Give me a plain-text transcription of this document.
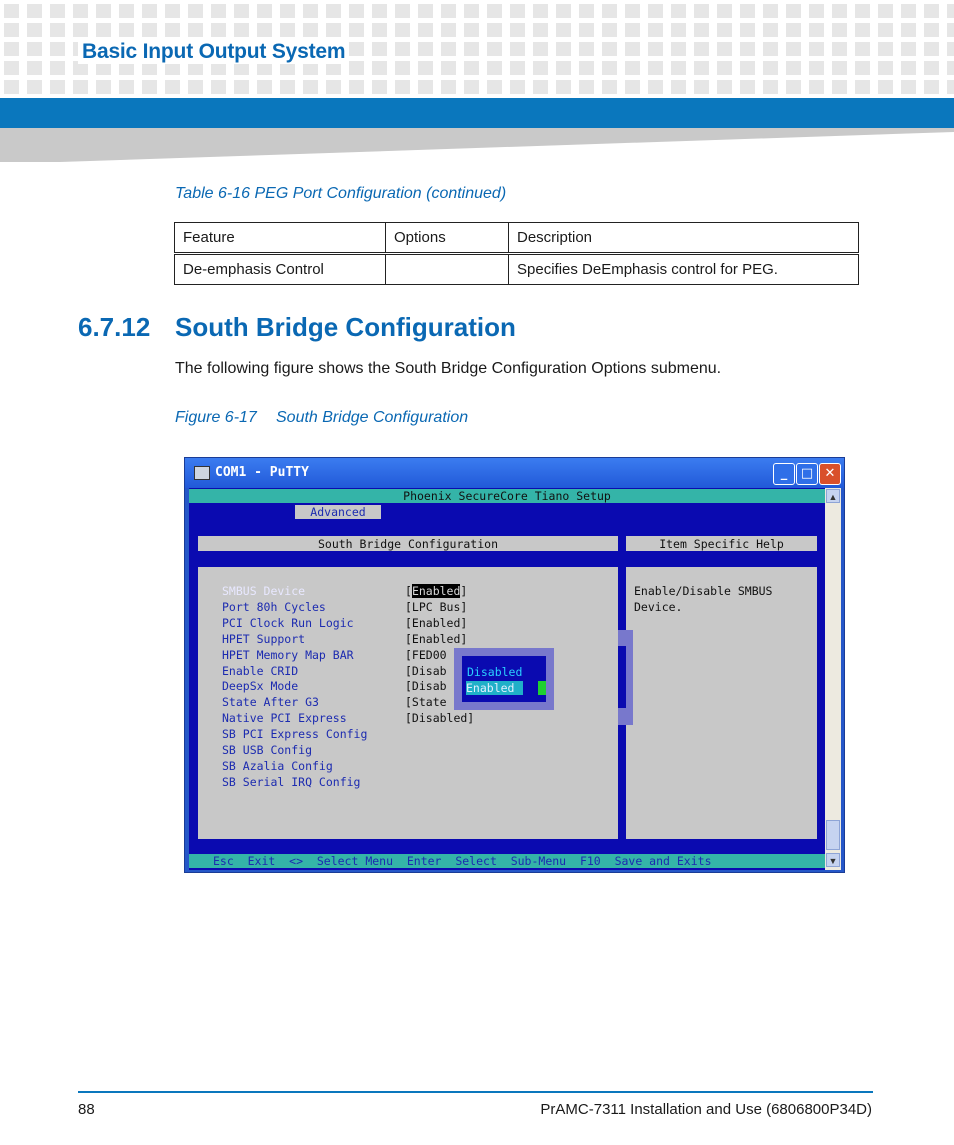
Basic Input Output System
Table 6-16 PEG Port Configuration (continued)
Feature	Options	Description
De-emphasis Control		Specifies DeEmphasis control for PEG.
6.7.12 South Bridge Configuration
The following figure shows the South Bridge Configuration Options submenu.
Figure 6-17 South Bridge Configuration
COM1 - PuTTY	_	□ ✕
Phoenix SecureCore Tiano Setup
Advanced
South Bridge Configuration	Item Specific Help
SMBUS Device	[Enabled]
Port 80h Cycles	[LPC Bus]
PCI Clock Run Logic	[Enabled]
HPET Support	[Enabled]
HPET Memory Map BAR	[FED00
Enable CRID	[Disab
DeepSx Mode	[Disab
State After G3	[State
Native PCI Express	[Disabled]
SB PCI Express Config
SB USB Config
SB Azalia Config
SB Serial IRQ Config
Enable/Disable SMBUS
Device.
Disabled
Enabled
Esc  Exit  <>  Select Menu  Enter  Select  Sub-Menu  F10  Save and Exits
▲
▼
88	PrAMC-7311 Installation and Use (6806800P34D)
